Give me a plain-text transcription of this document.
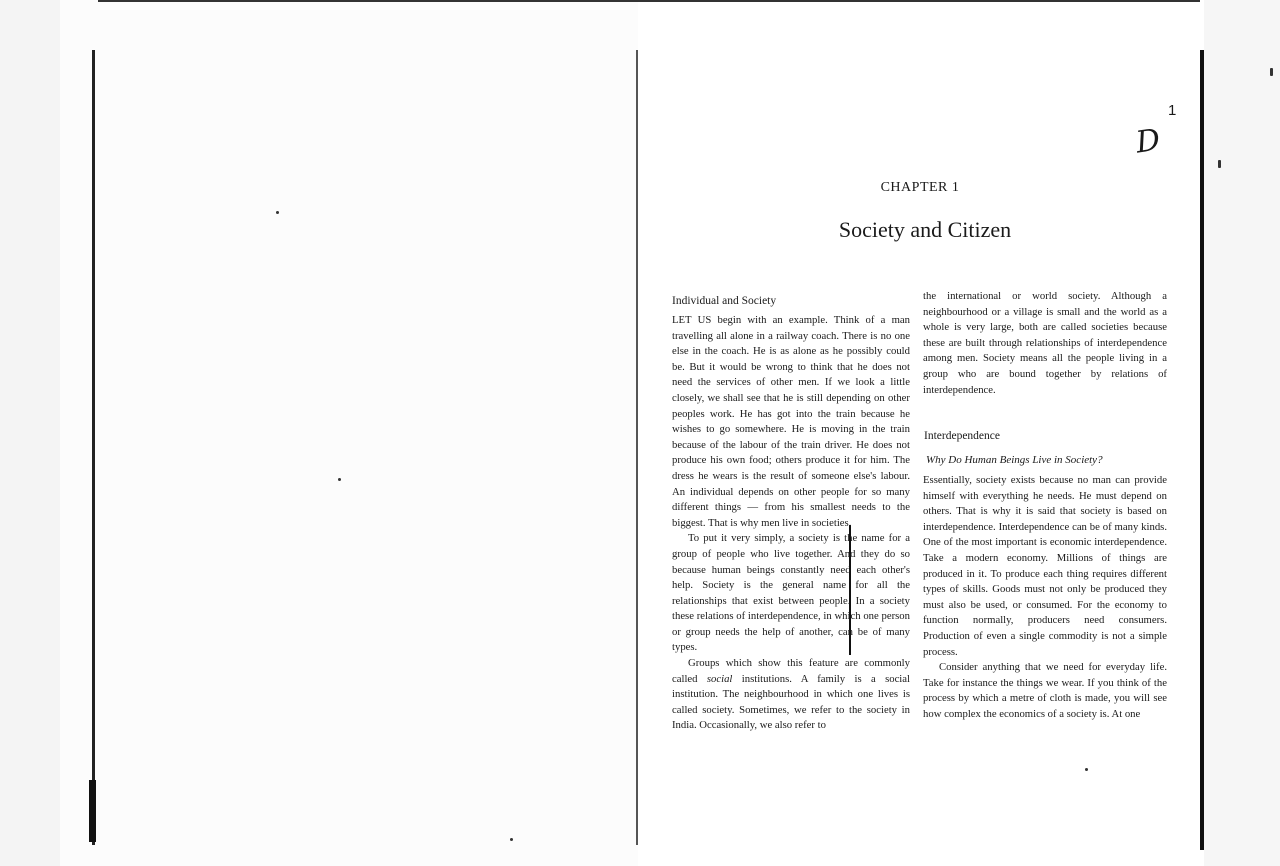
1
D
CHAPTER 1
Society and Citizen
Individual and Society

LET US begin with an example. Think of a man travelling all alone in a railway coach. There is no one else in the coach. He is as alone as he possibly could be. But it would be wrong to think that he does not need the services of other men. If we look a little closely, we shall see that he is still depending on other peoples work. He has got into the train because he wishes to go somewhere. He is moving in the train because of the labour of the train driver. He does not produce his own food; others produce it for him. The dress he wears is the result of someone else's labour. An individual depends on other people for so many different things — from his smallest needs to the biggest. That is why men live in societies.

To put it very simply, a society is the name for a group of people who live together. And they do so because human beings constantly need each other's help. Society is the general name for all the relationships that exist between people. In a society these relations of interdependence, in which one person or group needs the help of another, can be of many types.

Groups which show this feature are commonly called social institutions. A family is a social institution. The neighbourhood in which one lives is called society. Sometimes, we refer to the society in India. Occasionally, we also refer to

the international or world society. Although a neighbourhood or a village is small and the world as a whole is very large, both are called societies because these are built through relationships of interdependence among men. Society means all the people living in a group who are bound together by relations of interdependence.

Interdependence
Why Do Human Beings Live in Society?

Essentially, society exists because no man can provide himself with everything he needs. He must depend on others. That is why it is said that society is based on interdependence. Interdependence can be of many kinds. One of the most important is economic interdependence. Take a modern economy. Millions of things are produced in it. To produce each thing requires different types of skills. Goods must not only be produced they must also be used, or consumed. For the economy to function normally, producers need consumers. Production of even a single commodity is not a simple process.

Consider anything that we need for everyday life. Take for instance the things we wear. If you think of the process by which a metre of cloth is made, you will see how complex the economics of a society is. At one
